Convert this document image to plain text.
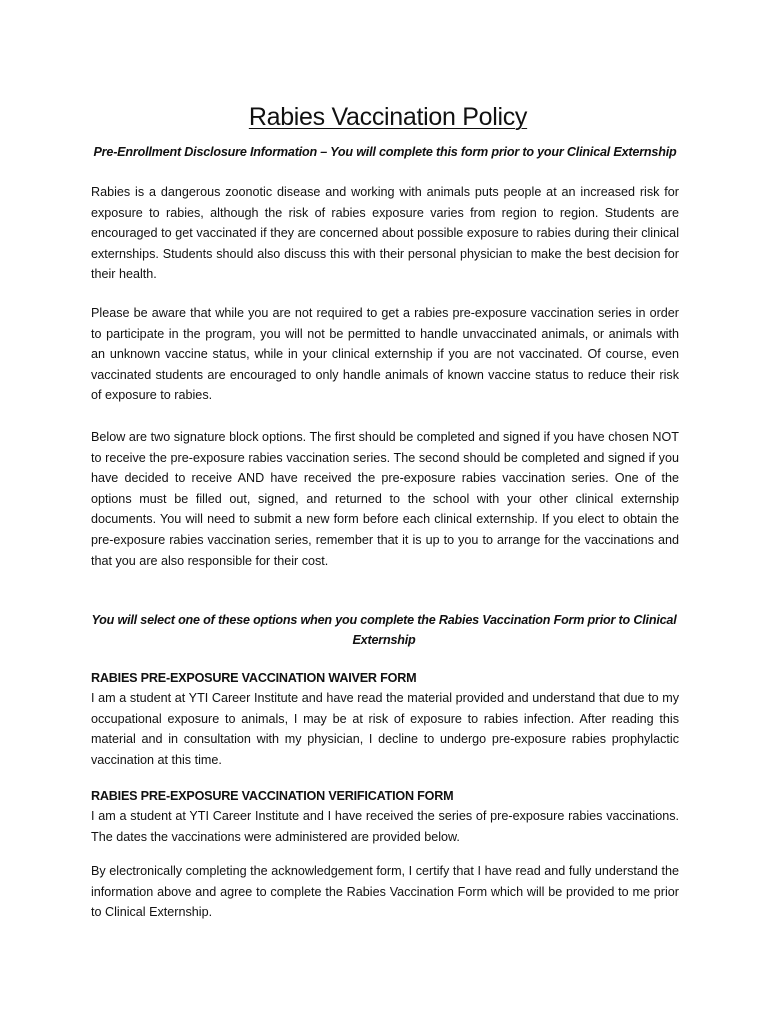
Rabies Vaccination Policy
Pre-Enrollment Disclosure Information – You will complete this form prior to your Clinical Externship

Rabies is a dangerous zoonotic disease and working with animals puts people at an increased risk for exposure to rabies, although the risk of rabies exposure varies from region to region. Students are encouraged to get vaccinated if they are concerned about possible exposure to rabies during their clinical externships. Students should also discuss this with their personal physician to make the best decision for their health.

Please be aware that while you are not required to get a rabies pre-exposure vaccination series in order to participate in the program, you will not be permitted to handle unvaccinated animals, or animals with an unknown vaccine status, while in your clinical externship if you are not vaccinated. Of course, even vaccinated students are encouraged to only handle animals of known vaccine status to reduce their risk of exposure to rabies.

Below are two signature block options. The first should be completed and signed if you have chosen NOT to receive the pre-exposure rabies vaccination series. The second should be completed and signed if you have decided to receive AND have received the pre-exposure rabies vaccination series. One of the options must be filled out, signed, and returned to the school with your other clinical externship documents. You will need to submit a new form before each clinical externship. If you elect to obtain the pre-exposure rabies vaccination series, remember that it is up to you to arrange for the vaccinations and that you are also responsible for their cost.

You will select one of these options when you complete the Rabies Vaccination Form prior to Clinical Externship

RABIES PRE-EXPOSURE VACCINATION WAIVER FORM

I am a student at YTI Career Institute and have read the material provided and understand that due to my occupational exposure to animals, I may be at risk of exposure to rabies infection. After reading this material and in consultation with my physician, I decline to undergo pre-exposure rabies prophylactic vaccination at this time.

RABIES PRE-EXPOSURE VACCINATION VERIFICATION FORM

I am a student at YTI Career Institute and I have received the series of pre-exposure rabies vaccinations. The dates the vaccinations were administered are provided below.

By electronically completing the acknowledgement form, I certify that I have read and fully understand the information above and agree to complete the Rabies Vaccination Form which will be provided to me prior to Clinical Externship.
